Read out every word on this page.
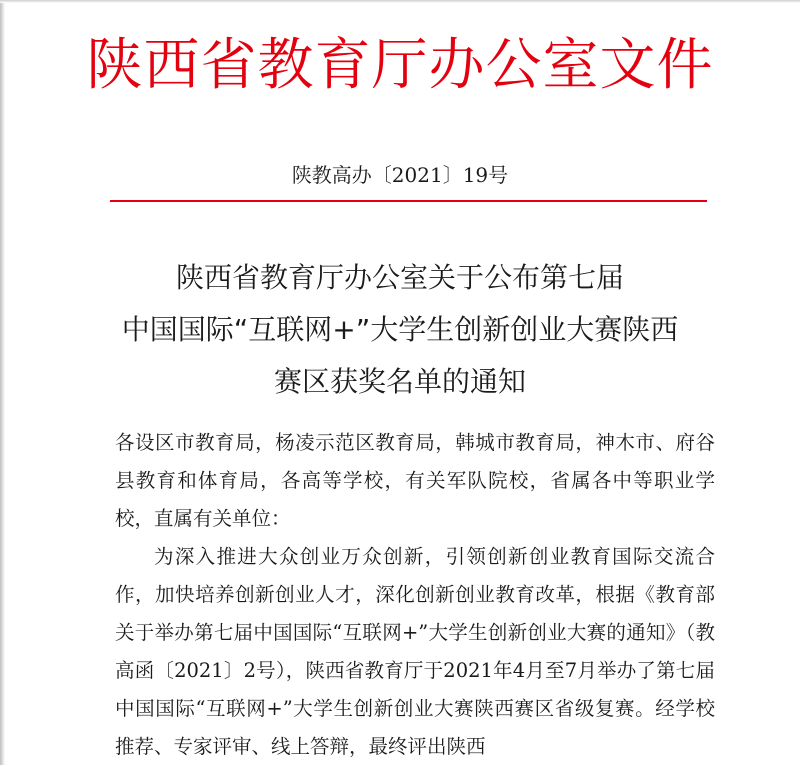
陕西省教育厅办公室文件
陕教高办〔2021〕19号
陕西省教育厅办公室关于公布第七届
中国国际“互联网+”大学生创新创业大赛陕西
赛区获奖名单的通知

各设区市教育局，杨凌示范区教育局，韩城市教育局，神木市、府谷县教育和体育局，各高等学校，有关军队院校，省属各中等职业学校，直属有关单位：

为深入推进大众创业万众创新，引领创新创业教育国际交流合作，加快培养创新创业人才，深化创新创业教育改革，根据《教育部关于举办第七届中国国际“互联网+”大学生创新创业大赛的通知》（教高函〔2021〕2号），陕西省教育厅于2021年4月至7月举办了第七届中国国际“互联网+”大学生创新创业大赛陕西赛区省级复赛。经学校推荐、专家评审、线上答辩，最终评出陕西
